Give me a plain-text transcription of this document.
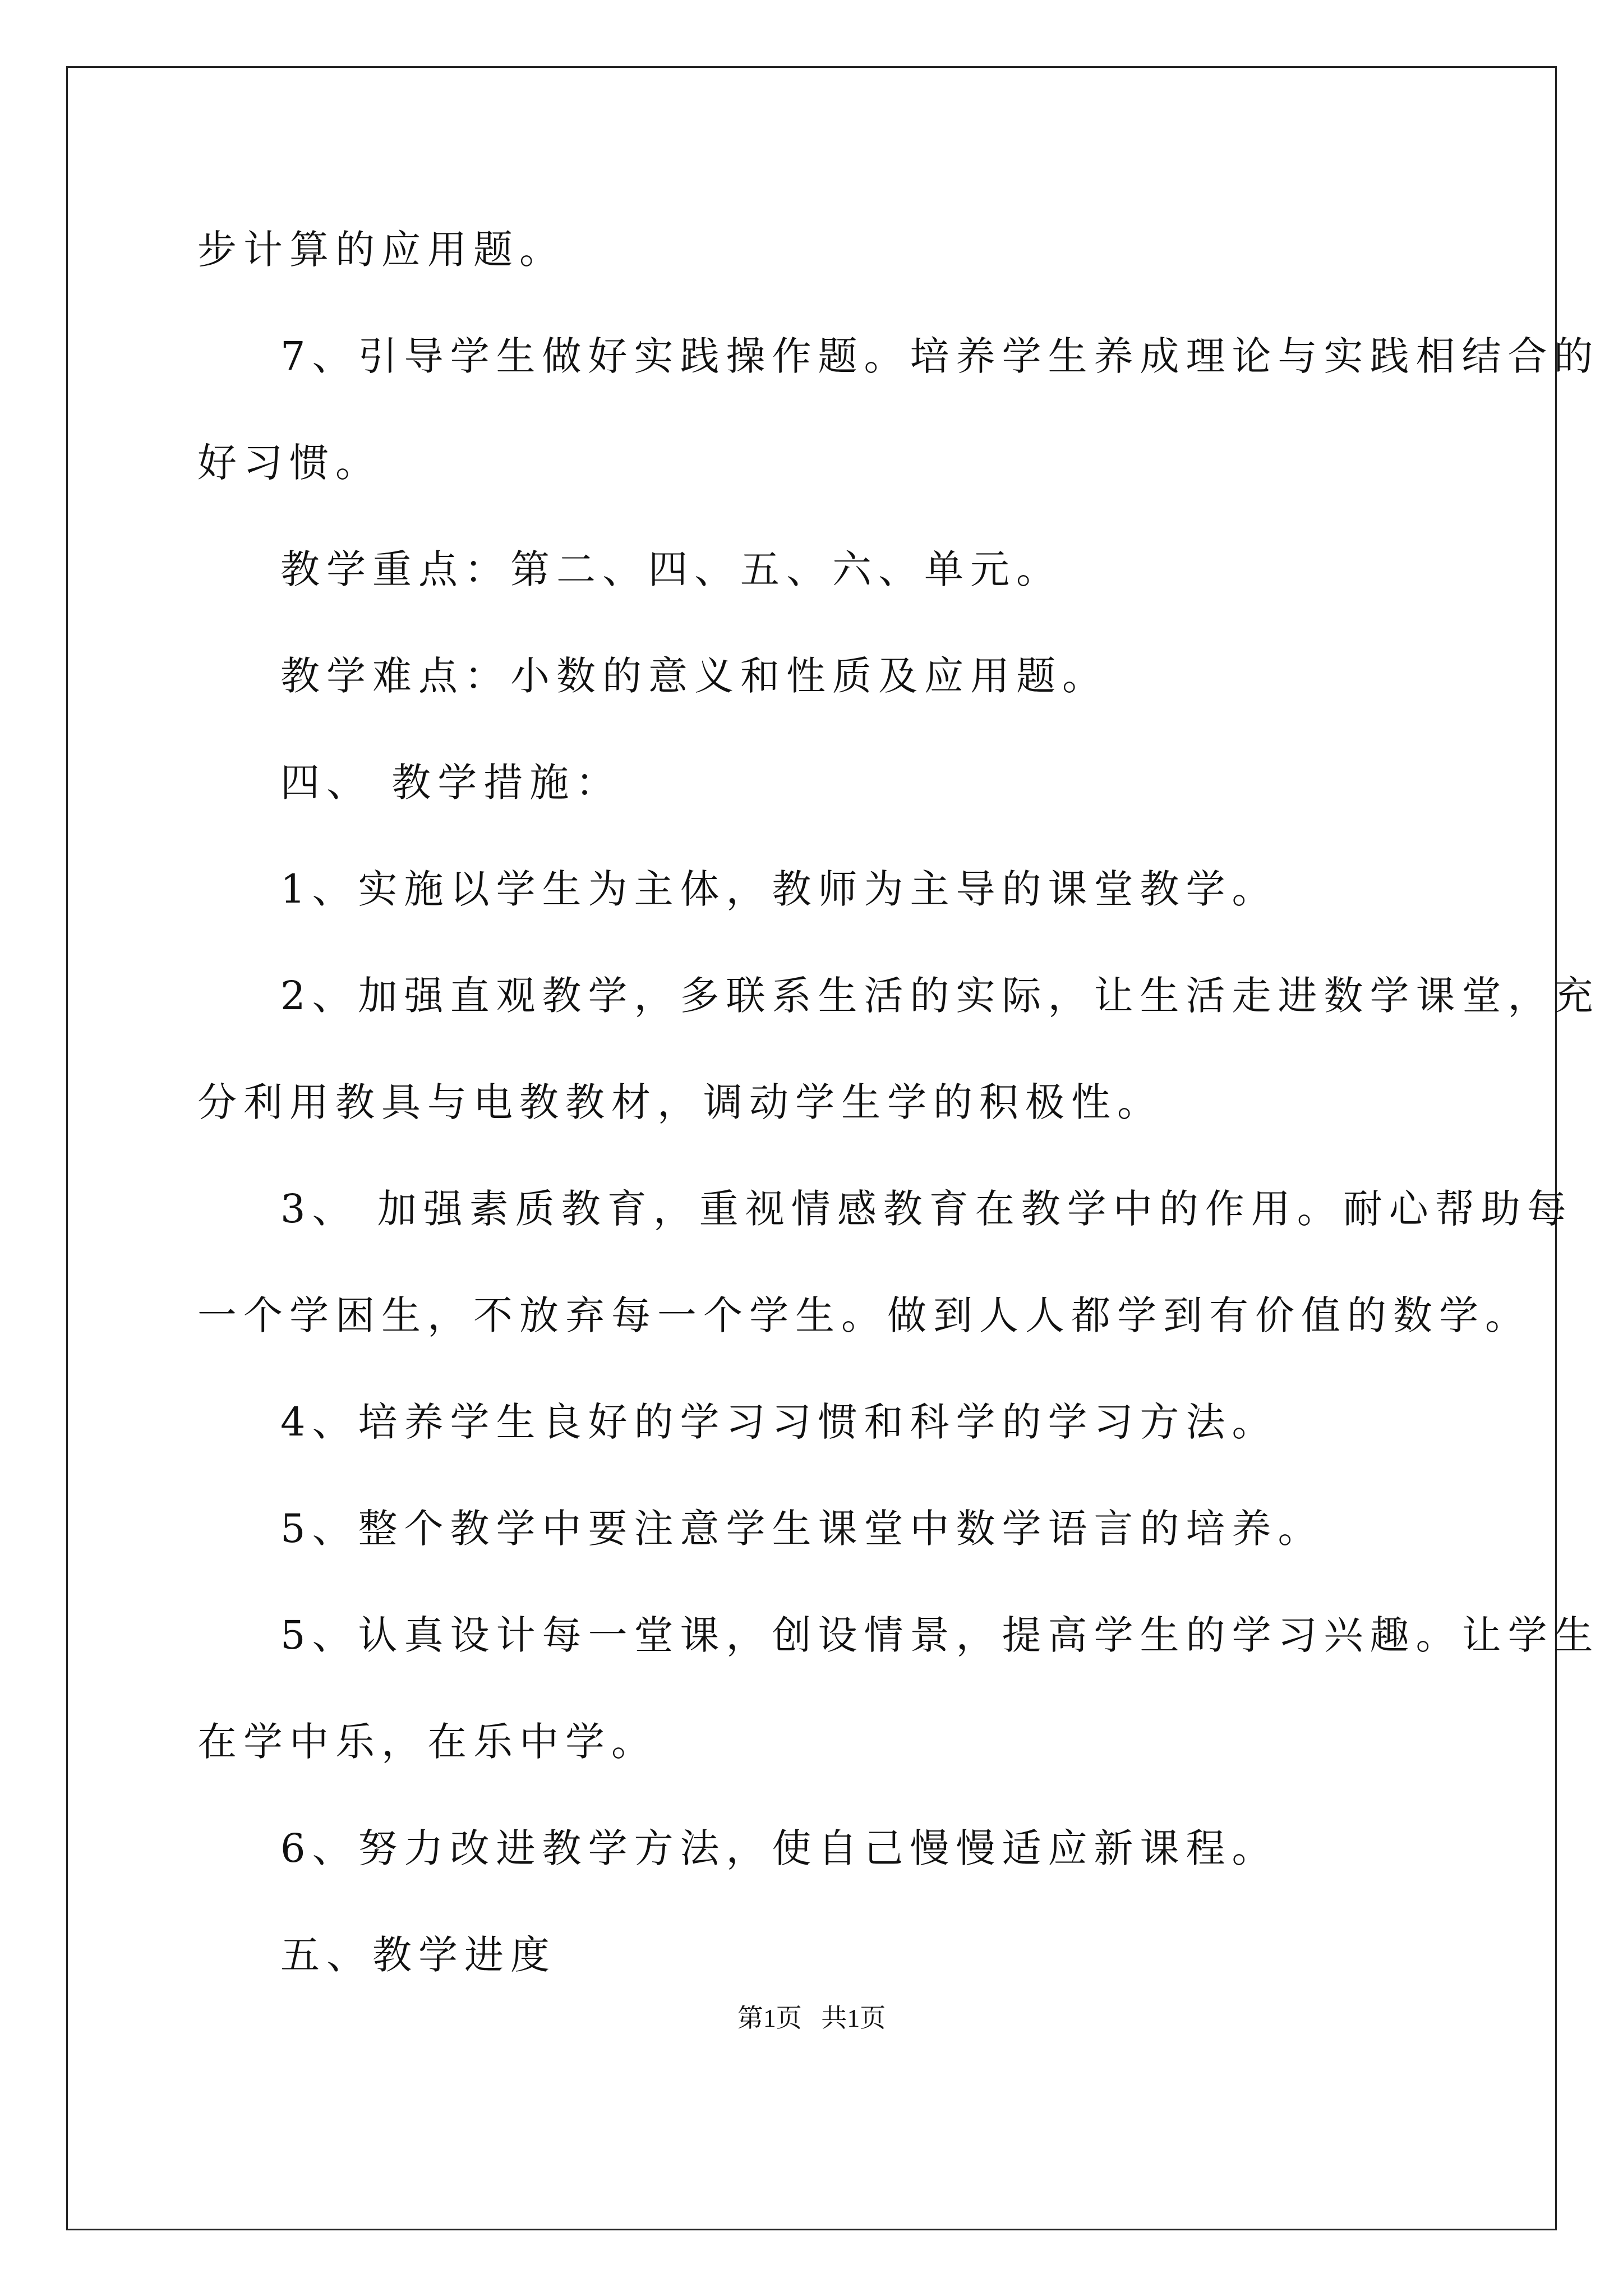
步计算的应用题。
7、引导学生做好实践操作题。培养学生养成理论与实践相结合的
好习惯。
教学重点：第二、四、五、六、单元。
教学难点：小数的意义和性质及应用题。
四、 教学措施：
1、实施以学生为主体，教师为主导的课堂教学。
2、加强直观教学，多联系生活的实际，让生活走进数学课堂，充
分利用教具与电教教材，调动学生学的积极性。
3、 加强素质教育，重视情感教育在教学中的作用。耐心帮助每
一个学困生，不放弃每一个学生。做到人人都学到有价值的数学。
4、培养学生良好的学习习惯和科学的学习方法。
5、整个教学中要注意学生课堂中数学语言的培养。
5、认真设计每一堂课，创设情景，提高学生的学习兴趣。让学生
在学中乐，在乐中学。
6、努力改进教学方法，使自己慢慢适应新课程。
五、教学进度
第1页   共1页
